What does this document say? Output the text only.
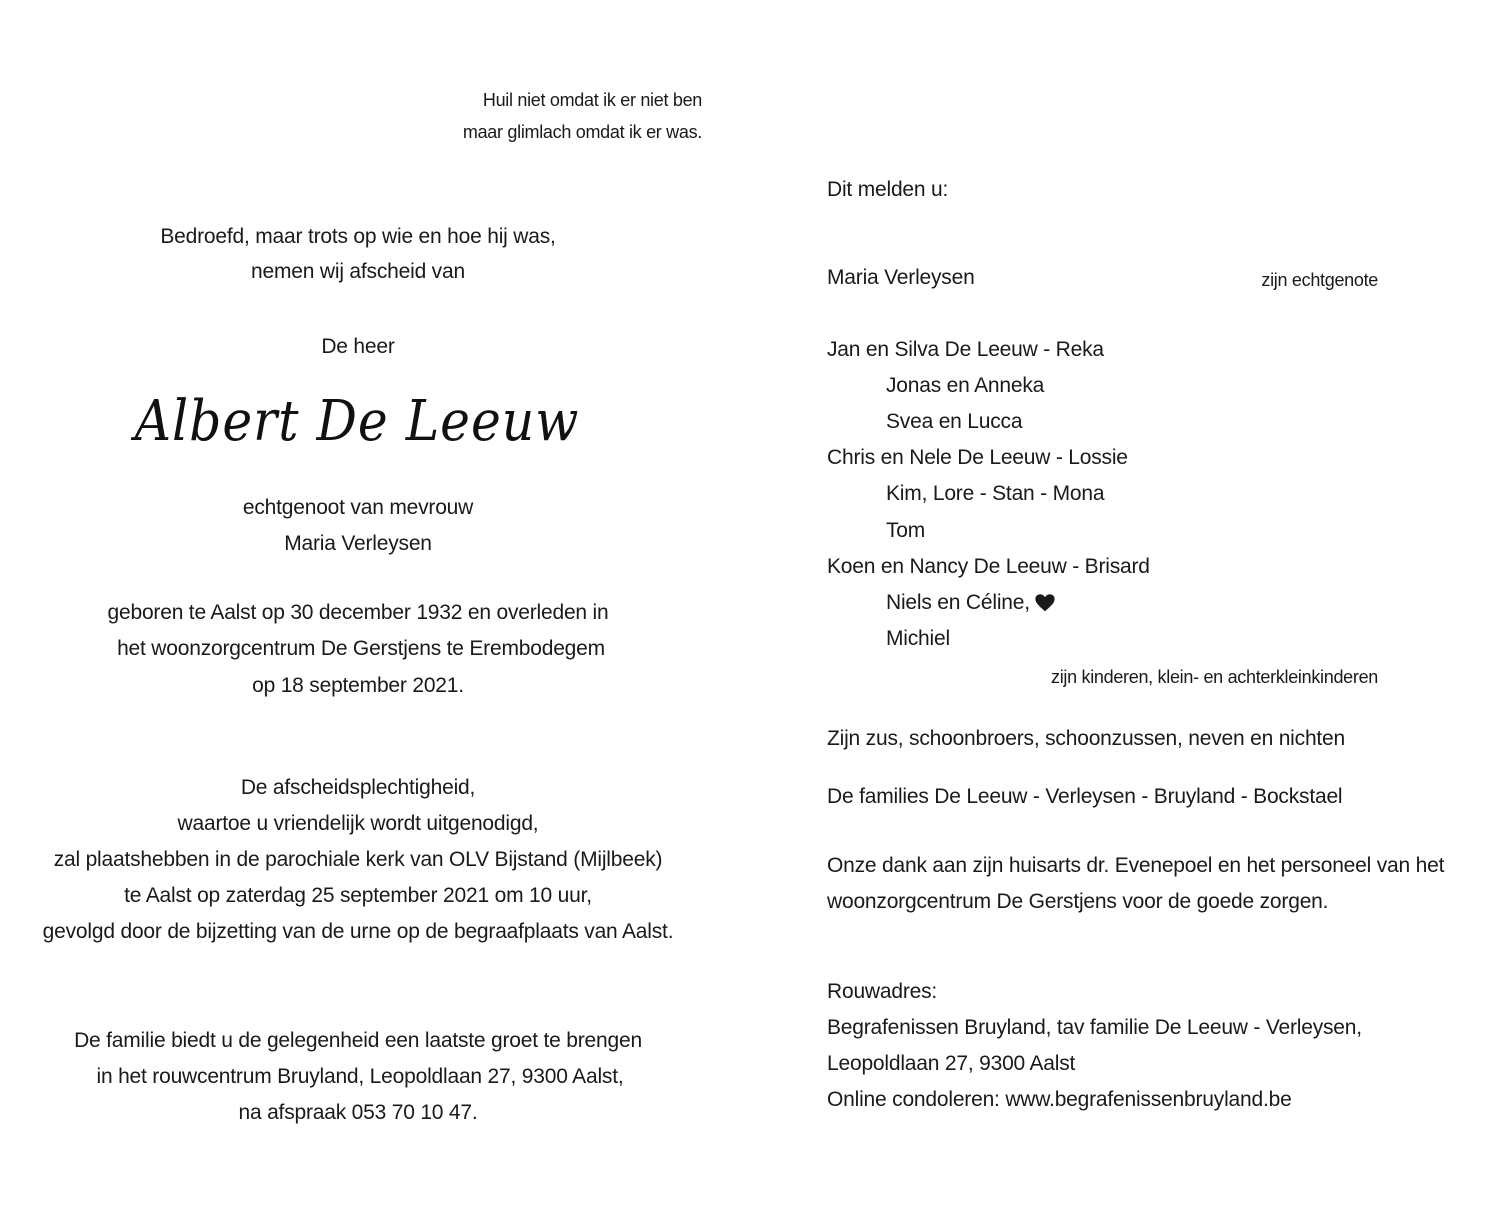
Huil niet omdat ik er niet ben
maar glimlach omdat ik er was.
Bedroefd, maar trots op wie en hoe hij was,
nemen wij afscheid van
De heer
Albert De Leeuw
echtgenoot van mevrouw
Maria Verleysen
geboren te Aalst op 30 december 1932 en overleden in
het woonzorgcentrum De Gerstjens te Erembodegem
op 18 september 2021.
De afscheidsplechtigheid,
waartoe u vriendelijk wordt uitgenodigd,
zal plaatshebben in de parochiale kerk van OLV Bijstand (Mijlbeek)
te Aalst op zaterdag 25 september 2021 om 10 uur,
gevolgd door de bijzetting van de urne op de begraafplaats van Aalst.
De familie biedt u de gelegenheid een laatste groet te brengen
in het rouwcentrum Bruyland, Leopoldlaan 27, 9300 Aalst,
na afspraak 053 70 10 47.
Dit melden u:
Maria Verleysen	zijn echtgenote
Jan en Silva De Leeuw - Reka
Jonas en Anneka
Svea en Lucca
Chris en Nele De Leeuw - Lossie
Kim, Lore - Stan - Mona
Tom
Koen en Nancy De Leeuw - Brisard
Niels en Céline,
Michiel
zijn kinderen, klein- en achterkleinkinderen
Zijn zus, schoonbroers, schoonzussen, neven en nichten
De families De Leeuw - Verleysen - Bruyland - Bockstael
Onze dank aan zijn huisarts dr. Evenepoel en het personeel van het
woonzorgcentrum De Gerstjens voor de goede zorgen.
Rouwadres:
Begrafenissen Bruyland, tav familie De Leeuw - Verleysen,
Leopoldlaan 27, 9300 Aalst
Online condoleren: www.begrafenissenbruyland.be
